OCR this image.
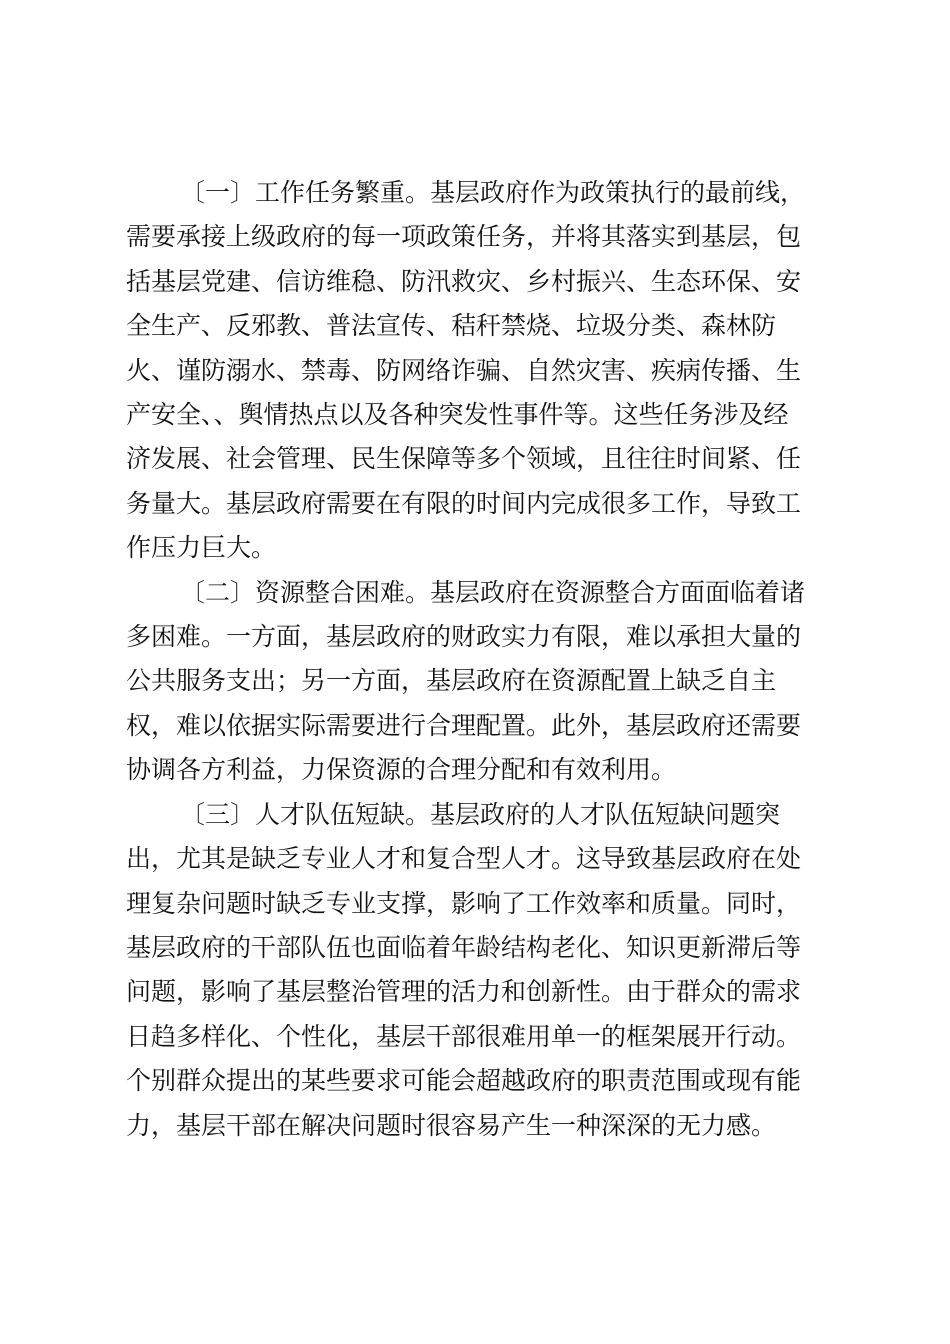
〔一〕工作任务繁重。基层政府作为政策执行的最前线，
需要承接上级政府的每一项政策任务，并将其落实到基层，包
括基层党建、信访维稳、防汛救灾、乡村振兴、生态环保、安
全生产、反邪教、普法宣传、秸秆禁烧、垃圾分类、森林防
火、谨防溺水、禁毒、防网络诈骗、自然灾害、疾病传播、生
产安全、、舆情热点以及各种突发性事件等。这些任务涉及经
济发展、社会管理、民生保障等多个领域，且往往时间紧、任
务量大。基层政府需要在有限的时间内完成很多工作，导致工
作压力巨大。

〔二〕资源整合困难。基层政府在资源整合方面面临着诸
多困难。一方面，基层政府的财政实力有限，难以承担大量的
公共服务支出；另一方面，基层政府在资源配置上缺乏自主
权，难以依据实际需要进行合理配置。此外，基层政府还需要
协调各方利益，力保资源的合理分配和有效利用。

〔三〕人才队伍短缺。基层政府的人才队伍短缺问题突
出，尤其是缺乏专业人才和复合型人才。这导致基层政府在处
理复杂问题时缺乏专业支撑，影响了工作效率和质量。同时，
基层政府的干部队伍也面临着年龄结构老化、知识更新滞后等
问题，影响了基层整治管理的活力和创新性。由于群众的需求
日趋多样化、个性化，基层干部很难用单一的框架展开行动。
个别群众提出的某些要求可能会超越政府的职责范围或现有能
力，基层干部在解决问题时很容易产生一种深深的无力感。
